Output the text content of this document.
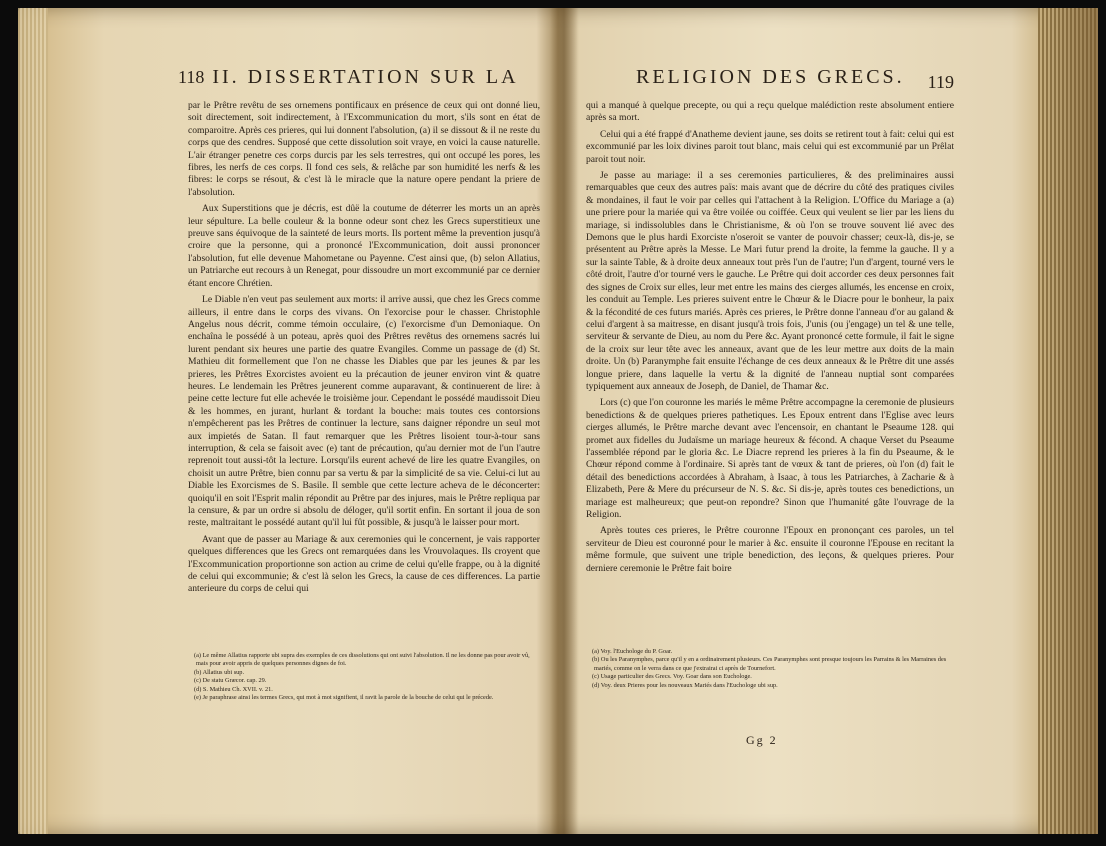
118 II. DISSERTATION SUR LA

par le Prêtre revêtu de ses ornemens pontificaux en présence de ceux qui ont donné lieu, soit directement, soit indirectement, à l'Excommunication du mort, s'ils sont en état de comparoitre. Après ces prieres, qui lui donnent l'absolution, (a) il se dissout & il ne reste du corps que des cendres. Supposé que cette dissolution soit vraye, en voici la cause naturelle. L'air étranger penetre ces corps durcis par les sels terrestres, qui ont occupé les pores, les fibres, les nerfs de ces corps. Il fond ces sels, & relâche par son humidité les nerfs & les fibres: le corps se résout, & c'est là le miracle que la nature opere pendant la priere de l'absolution.

Aux Superstitions que je décris, est dûë la coutume de déterrer les morts un an après leur sépulture. La belle couleur & la bonne odeur sont chez les Grecs superstitieux une preuve sans équivoque de la sainteté de leurs morts. Ils portent même la prevention jusqu'à croire que la personne, qui a prononcé l'Excommunication, doit aussi prononcer l'absolution, fut elle devenue Mahometane ou Payenne. C'est ainsi que, (b) selon Allatius, un Patriarche eut recours à un Renegat, pour dissoudre un mort excommunié par ce dernier étant encore Chrétien.

Le Diable n'en veut pas seulement aux morts: il arrive aussi, que chez les Grecs comme ailleurs, il entre dans le corps des vivans. On l'exorcise pour le chasser. Christophle Angelus nous décrit, comme témoin occulaire, (c) l'exorcisme d'un Demoniaque. On enchaîna le possédé à un poteau, après quoi des Prêtres revêtus des ornemens sacrés lui lurent pendant six heures une partie des quatre Evangiles. Comme un passage de (d) St. Mathieu dit formellement que l'on ne chasse les Diables que par les jeunes & par les prieres, les Prêtres Exorcistes avoient eu la précaution de jeuner environ vint & quatre heures. Le lendemain les Prêtres jeunerent comme auparavant, & continuerent de lire: à peine cette lecture fut elle achevée le troisième jour. Cependant le possédé maudissoit Dieu & les hommes, en jurant, hurlant & tordant la bouche: mais toutes ces contorsions n'empêcherent pas les Prêtres de continuer la lecture, sans daigner répondre un seul mot aux impietés de Satan. Il faut remarquer que les Prêtres lisoient tour-à-tour sans interruption, & cela se faisoit avec (e) tant de précaution, qu'au dernier mot de l'un l'autre reprenoit tout aussi-tôt la lecture. Lorsqu'ils eurent achevé de lire les quatre Evangiles, on choisit un autre Prêtre, bien connu par sa vertu & par la simplicité de sa vie. Celui-ci lut au Diable les Exorcismes de S. Basile. Il semble que cette lecture acheva de le déconcerter: quoiqu'il en soit l'Esprit malin répondit au Prêtre par des injures, mais le Prêtre repliqua par la censure, & par un ordre si absolu de déloger, qu'il sortit enfin. En sortant il joua de son reste, maltraitant le possédé autant qu'il lui fût possible, & jusqu'à le laisser pour mort.

Avant que de passer au Mariage & aux ceremonies qui le concernent, je vais rapporter quelques differences que les Grecs ont remarquées dans les Vrouvolaques. Ils croyent que l'Excommunication proportionne son action au crime de celui qu'elle frappe, ou à la dignité de celui qui excommunie; & c'est là selon les Grecs, la cause de ces differences. La partie anterieure du corps de celui qui

(a) Le même Allatius rapporte ubi supra des exemples de ces dissolutions qui ont suivi l'absolution. Il ne les donne pas pour avoir vû, mais pour avoir appris de quelques personnes dignes de foi.
(b) Allatius ubi sup.
(c) De statu Græcor. cap. 29.
(d) S. Mathieu Ch. XVII. v. 21.
(e) Je paraphrase ainsi les termes Grecs, qui mot à mot signifient, il ravit la parole de la bouche de celui qui le précede.
RELIGION DES GRECS. 119

qui a manqué à quelque precepte, ou qui a reçu quelque malédiction reste absolument entiere après sa mort.

Celui qui a été frappé d'Anatheme devient jaune, ses doits se retirent tout à fait: celui qui est excommunié par les loix divines paroit tout blanc, mais celui qui est excommunié par un Prêlat paroit tout noir.

Je passe au mariage: il a ses ceremonies particulieres, & des preliminaires aussi remarquables que ceux des autres païs: mais avant que de décrire du côté des pratiques civiles & mondaines, il faut le voir par celles qui l'attachent à la Religion. L'Office du Mariage a (a) une priere pour la mariée qui va être voilée ou coiffée. Ceux qui veulent se lier par les liens du mariage, si indissolubles dans le Christianisme, & où l'on se trouve souvent lié avec des Demons que le plus hardi Exorciste n'oseroit se vanter de pouvoir chasser; ceux-là, dis-je, se présentent au Prêtre après la Messe. Le Mari futur prend la droite, la femme la gauche. Il y a sur la sainte Table, & à droite deux anneaux tout près l'un de l'autre; l'un d'argent, tourné vers le côté droit, l'autre d'or tourné vers le gauche. Le Prêtre qui doit accorder ces deux personnes fait des signes de Croix sur elles, leur met entre les mains des cierges allumés, les encense en croix, les conduit au Temple. Les prieres suivent entre le Chœur & le Diacre pour le bonheur, la paix & la fécondité de ces futurs mariés. Après ces prieres, le Prêtre donne l'anneau d'or au galand & celui d'argent à sa maitresse, en disant jusqu'à trois fois, J'unis (ou j'engage) un tel & une telle, serviteur & servante de Dieu, au nom du Pere &c. Ayant prononcé cette formule, il fait le signe de la croix sur leur tête avec les anneaux, avant que de les leur mettre aux doits de la main droite. Un (b) Paranymphe fait ensuite l'échange de ces deux anneaux & le Prêtre dit une assés longue priere, dans laquelle la vertu & la dignité de l'anneau nuptial sont comparées typiquement aux anneaux de Joseph, de Daniel, de Thamar &c.

Lors (c) que l'on couronne les mariés le même Prêtre accompagne la ceremonie de plusieurs benedictions & de quelques prieres pathetiques. Les Epoux entrent dans l'Eglise avec leurs cierges allumés, le Prêtre marche devant avec l'encensoir, en chantant le Pseaume 128. qui promet aux fidelles du Judaïsme un mariage heureux & fécond. A chaque Verset du Pseaume l'assemblée répond par le gloria &c. Le Diacre reprend les prieres à la fin du Pseaume, & le Chœur répond comme à l'ordinaire. Si après tant de vœux & tant de prieres, où l'on (d) fait le détail des benedictions accordées à Abraham, à Isaac, à tous les Patriarches, à Zacharie & à Elizabeth, Pere & Mere du précurseur de N. S. &c. Si dis-je, après toutes ces benedictions, un mariage est malheureux; que peut-on repondre? Sinon que l'humanité gâte l'ouvrage de la Religion.

Après toutes ces prieres, le Prêtre couronne l'Epoux en prononçant ces paroles, un tel serviteur de Dieu est couronné pour le marier à &c. ensuite il couronne l'Epouse en recitant la même formule, que suivent une triple benediction, des leçons, & quelques prieres. Pour derniere ceremonie le Prêtre fait boire

(a) Voy. l'Euchologe du P. Goar.
(b) Ou les Paranymphes, parce qu'il y en a ordinairement plusieurs. Ces Paranymphes sont presque toujours les Parrains & les Marraines des mariés, comme on le verra dans ce que j'extrairai ci après de Tournefort.
(c) Usage particulier des Grecs. Voy. Goar dans son Euchologe.
(d) Voy. deux Prieres pour les nouveaux Mariés dans l'Euchologe ubi sup.
Gg 2
